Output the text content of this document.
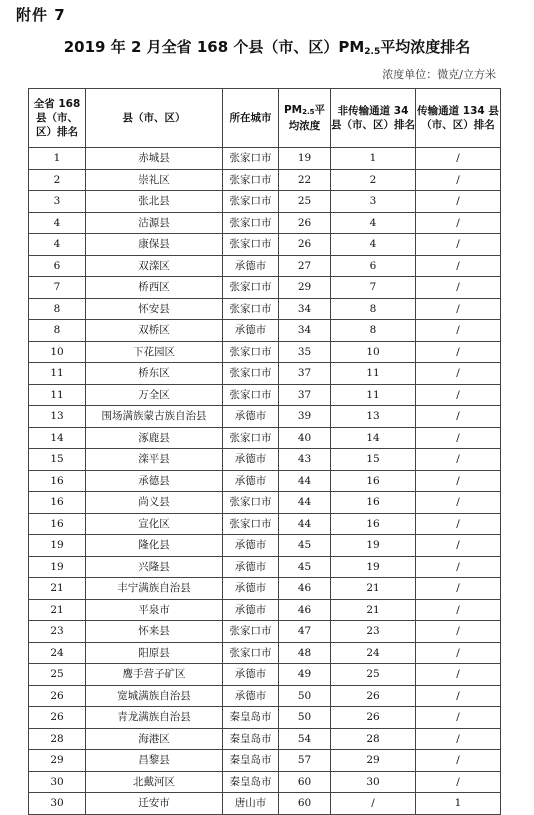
附件 7
2019 年 2 月全省 168 个县（市、区）$PM_{2.5}$平均浓度排名
浓度单位：微克/立方米
全省 168 县（市、区）排名	县（市、区）	所在城市	PM2.5平均浓度	非传输通道 34 县（市、区）排名	传输通道 134 县（市、区）排名
1	赤城县	张家口市	19	1	/
2	崇礼区	张家口市	22	2	/
3	张北县	张家口市	25	3	/
4	沽源县	张家口市	26	4	/
4	康保县	张家口市	26	4	/
6	双滦区	承德市	27	6	/
7	桥西区	张家口市	29	7	/
8	怀安县	张家口市	34	8	/
8	双桥区	承德市	34	8	/
10	下花园区	张家口市	35	10	/
11	桥东区	张家口市	37	11	/
11	万全区	张家口市	37	11	/
13	围场满族蒙古族自治县	承德市	39	13	/
14	涿鹿县	张家口市	40	14	/
15	滦平县	承德市	43	15	/
16	承德县	承德市	44	16	/
16	尚义县	张家口市	44	16	/
16	宣化区	张家口市	44	16	/
19	隆化县	承德市	45	19	/
19	兴隆县	承德市	45	19	/
21	丰宁满族自治县	承德市	46	21	/
21	平泉市	承德市	46	21	/
23	怀来县	张家口市	47	23	/
24	阳原县	张家口市	48	24	/
25	鹰手营子矿区	承德市	49	25	/
26	宽城满族自治县	承德市	50	26	/
26	青龙满族自治县	秦皇岛市	50	26	/
28	海港区	秦皇岛市	54	28	/
29	昌黎县	秦皇岛市	57	29	/
30	北戴河区	秦皇岛市	60	30	/
30	迁安市	唐山市	60	/	1
